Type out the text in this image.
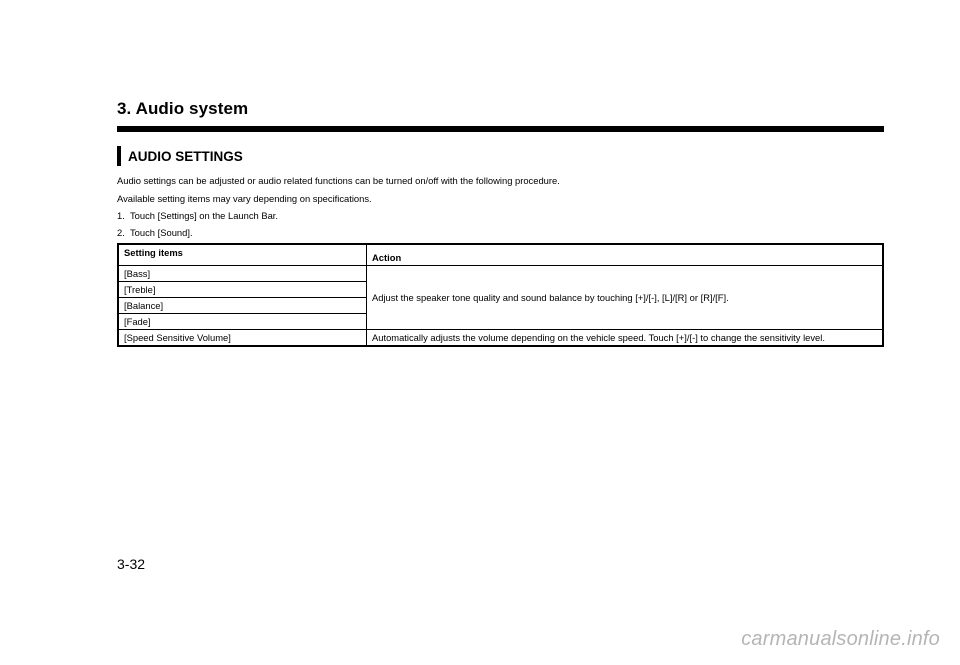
3. Audio system
AUDIO SETTINGS

Audio settings can be adjusted or audio related functions can be turned on/off with the following procedure.

Available setting items may vary depending on specifications.

1. Touch [Settings] on the Launch Bar.

2. Touch [Sound].

Setting items	Action
[Bass]	Adjust the speaker tone quality and sound balance by touching [+]/[-], [L]/[R] or [R]/[F].
[Treble]	
[Balance]	
[Fade]	
[Speed Sensitive Volume]	Automatically adjusts the volume depending on the vehicle speed. Touch [+]/[-] to change the sensitivity level.

3-32

carmanualsonline.info
